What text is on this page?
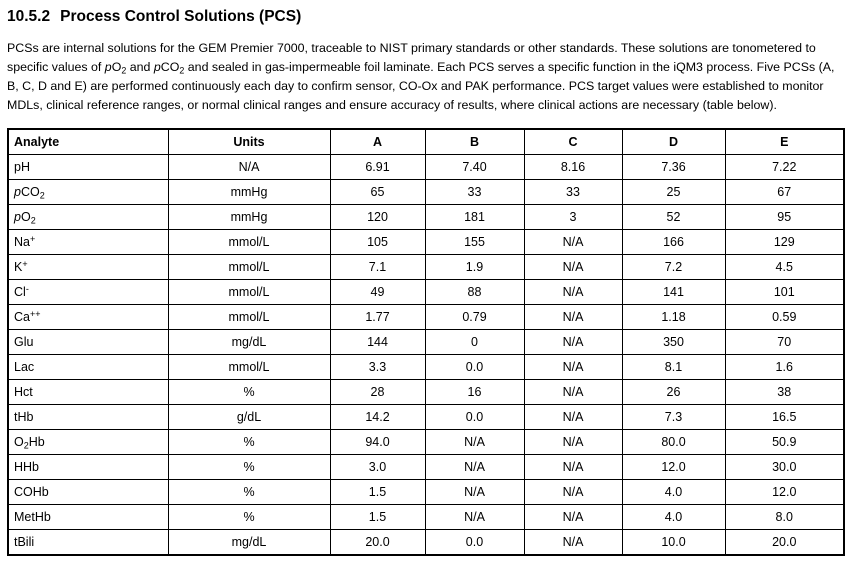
10.5.2 Process Control Solutions (PCS)

PCSs are internal solutions for the GEM Premier 7000, traceable to NIST primary standards or other standards. These solutions are tonometered to specific values of $pO_2$ and pCO$_2$ and sealed in gas-impermeable foil laminate. Each PCS serves a specific function in the iQM3 process. Five PCSs (A, B, C, D and E) are performed continuously each day to confirm sensor, CO-Ox and PAK performance. PCS target values were established to monitor MDLs, clinical reference ranges, or normal clinical ranges and ensure accuracy of results, where clinical actions are necessary (table below).

Analyte	Units	A	B	C	D	E
pH	N/A	6.91	7.40	8.16	7.36	7.22
pCO$_2$	mmHg	65	33	33	25	67
$pO_2$	mmHg	120	181	3	52	95
Na+	mmol/L	105	155	N/A	166	129
K+	mmol/L	7.1	1.9	N/A	7.2	4.5
Cl-	mmol/L	49	88	N/A	141	101
Ca++	mmol/L	1.77	0.79	N/A	1.18	0.59
Glu	mg/dL	144	0	N/A	350	70
Lac	mmol/L	3.3	0.0	N/A	8.1	1.6
Hct	%	28	16	N/A	26	38
tHb	g/dL	14.2	0.0	N/A	7.3	16.5
$O_2Hb$	%	94.0	N/A	N/A	80.0	50.9
HHb	%	3.0	N/A	N/A	12.0	30.0
COHb	%	1.5	N/A	N/A	4.0	12.0
MetHb	%	1.5	N/A	N/A	4.0	8.0
tBili	mg/dL	20.0	0.0	N/A	10.0	20.0
